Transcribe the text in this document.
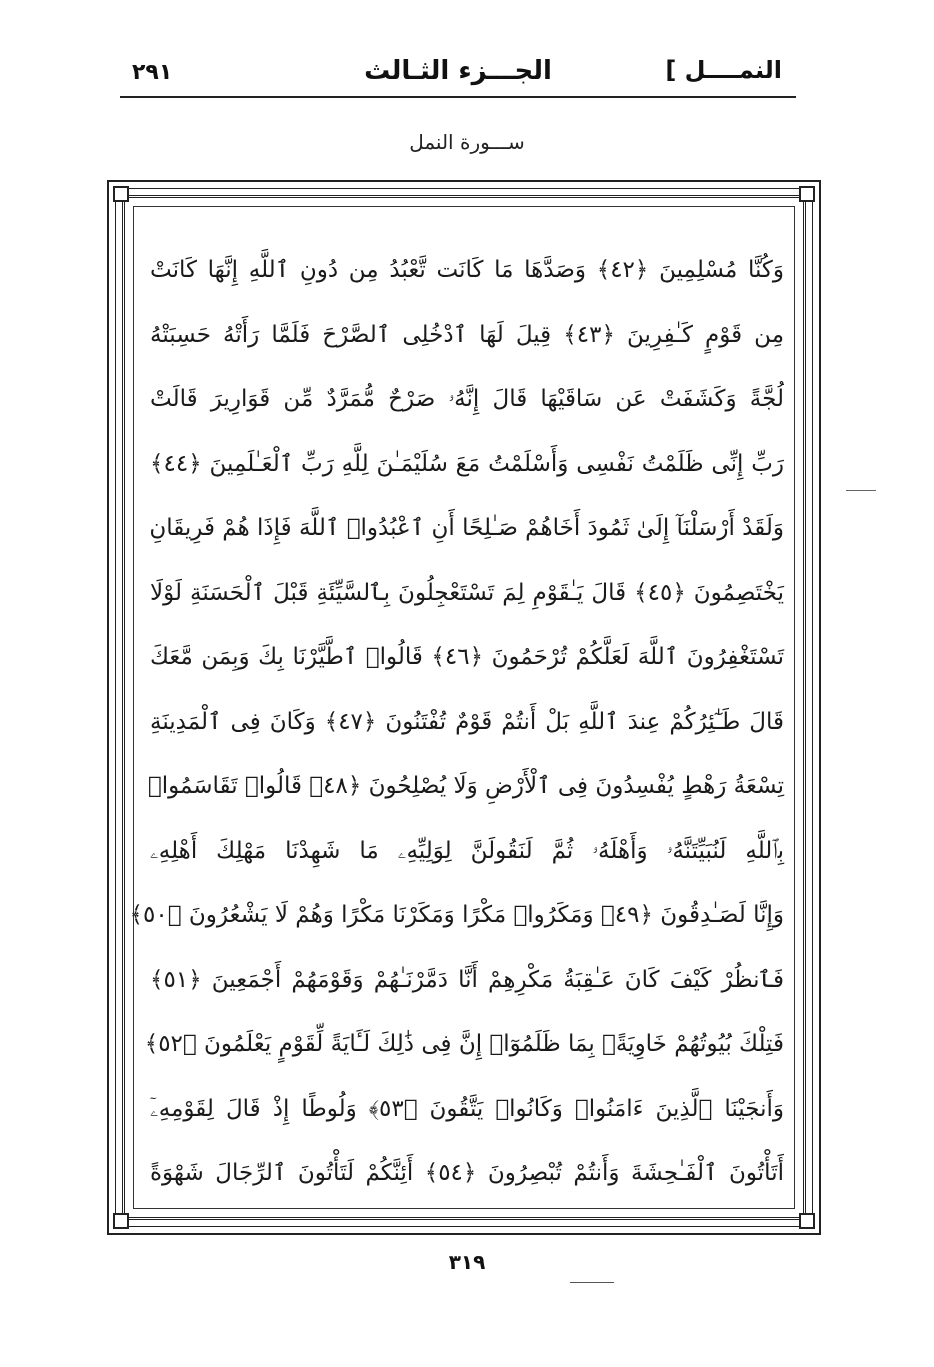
٢٩١	الجـــزء الثـالث	النمــــل ]
ســـورة النمل
وَكُنَّا مُسْلِمِينَ ﴿٤٢﴾ وَصَدَّهَا مَا كَانَت تَّعْبُدُ مِن دُونِ ٱللَّهِ إِنَّهَا كَانَتْ
مِن قَوْمٍ كَـٰفِرِينَ ﴿٤٣﴾ قِيلَ لَهَا ٱدْخُلِى ٱلصَّرْحَ فَلَمَّا رَأَتْهُ حَسِبَتْهُ
لُجَّةً وَكَشَفَتْ عَن سَاقَيْهَا قَالَ إِنَّهُۥ صَرْحٌ مُّمَرَّدٌ مِّن قَوَارِيرَ قَالَتْ
رَبِّ إِنِّى ظَلَمْتُ نَفْسِى وَأَسْلَمْتُ مَعَ سُلَيْمَـٰنَ لِلَّهِ رَبِّ ٱلْعَـٰلَمِينَ ﴿٤٤﴾
وَلَقَدْ أَرْسَلْنَآ إِلَىٰ ثَمُودَ أَخَاهُمْ صَـٰلِحًا أَنِ ٱعْبُدُوا۟ ٱللَّهَ فَإِذَا هُمْ فَرِيقَانِ
يَخْتَصِمُونَ ﴿٤٥﴾ قَالَ يَـٰقَوْمِ لِمَ تَسْتَعْجِلُونَ بِٱلسَّيِّئَةِ قَبْلَ ٱلْحَسَنَةِ لَوْلَا
تَسْتَغْفِرُونَ ٱللَّهَ لَعَلَّكُمْ تُرْحَمُونَ ﴿٤٦﴾ قَالُوا۟ ٱطَّيَّرْنَا بِكَ وَبِمَن مَّعَكَ
قَالَ طَـٰٓئِرُكُمْ عِندَ ٱللَّهِ بَلْ أَنتُمْ قَوْمٌ تُفْتَنُونَ ﴿٤٧﴾ وَكَانَ فِى ٱلْمَدِينَةِ
تِسْعَةُ رَهْطٍ يُفْسِدُونَ فِى ٱلْأَرْضِ وَلَا يُصْلِحُونَ ﴿٤٨﴾ قَالُوا۟ تَقَاسَمُوا۟
بِٱللَّهِ لَنُبَيِّتَنَّهُۥ وَأَهْلَهُۥ ثُمَّ لَنَقُولَنَّ لِوَلِيِّهِۦ مَا شَهِدْنَا مَهْلِكَ أَهْلِهِۦ
وَإِنَّا لَصَـٰدِقُونَ ﴿٤٩﴾ وَمَكَرُوا۟ مَكْرًا وَمَكَرْنَا مَكْرًا وَهُمْ لَا يَشْعُرُونَ ﴿٥٠﴾
فَٱنظُرْ كَيْفَ كَانَ عَـٰقِبَةُ مَكْرِهِمْ أَنَّا دَمَّرْنَـٰهُمْ وَقَوْمَهُمْ أَجْمَعِينَ ﴿٥١﴾
فَتِلْكَ بُيُوتُهُمْ خَاوِيَةًۢ بِمَا ظَلَمُوٓا۟ إِنَّ فِى ذَٰلِكَ لَـَٔايَةً لِّقَوْمٍ يَعْلَمُونَ ﴿٥٢﴾
وَأَنجَيْنَا ٱلَّذِينَ ءَامَنُوا۟ وَكَانُوا۟ يَتَّقُونَ ﴿٥٣﴾ وَلُوطًا إِذْ قَالَ لِقَوْمِهِۦٓ
أَتَأْتُونَ ٱلْفَـٰحِشَةَ وَأَنتُمْ تُبْصِرُونَ ﴿٥٤﴾ أَئِنَّكُمْ لَتَأْتُونَ ٱلرِّجَالَ شَهْوَةً
٣١٩
